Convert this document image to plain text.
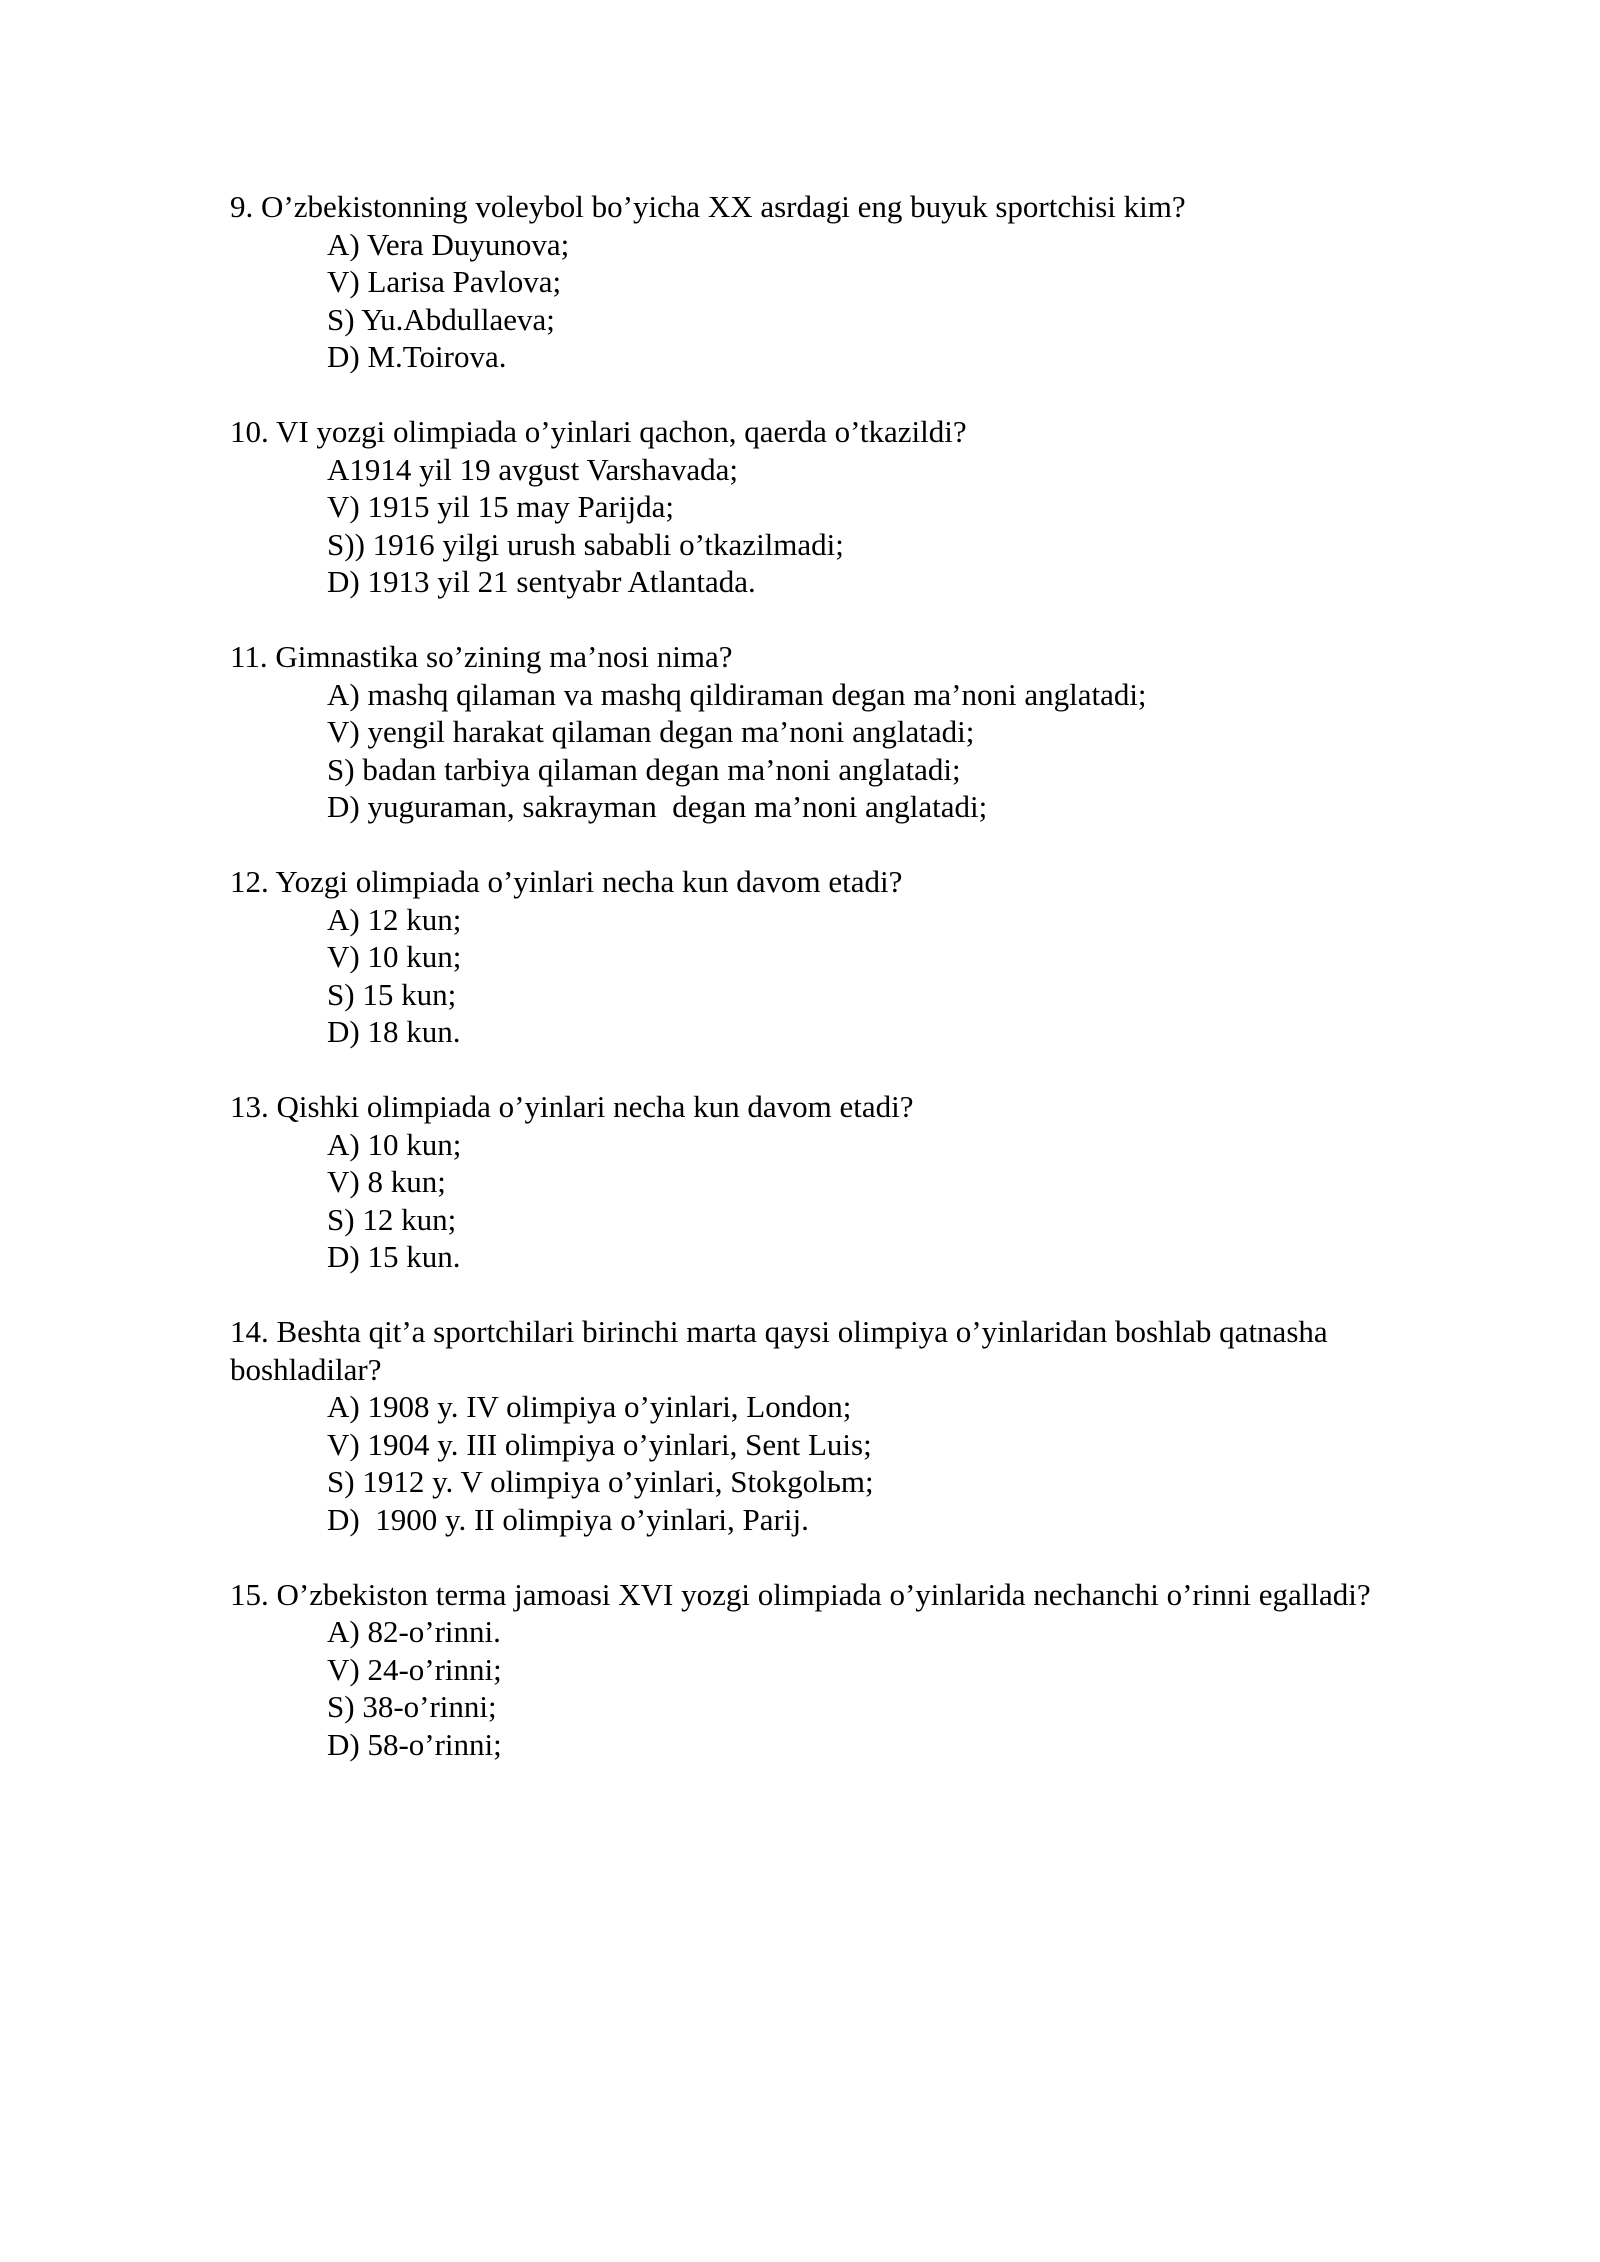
9. O’zbekistonning voleybol bo’yicha XX asrdagi eng buyuk sportchisi kim?

A) Vera Duyunova;
V) Larisa Pavlova;
S) Yu.Abdullaeva;
D) M.Toirova.

10. VI yozgi olimpiada o’yinlari qachon, qaerda o’tkazildi?

A1914 yil 19 avgust Varshavada;
V) 1915 yil 15 may Parijda;
S)) 1916 yilgi urush sababli o’tkazilmadi;
D) 1913 yil 21 sentyabr Atlantada.

11. Gimnastika so’zining ma’nosi nima?

A) mashq qilaman va mashq qildiraman degan ma’noni anglatadi;
V) yengil harakat qilaman degan ma’noni anglatadi;
S) badan tarbiya qilaman degan ma’noni anglatadi;
D) yuguraman, sakrayman  degan ma’noni anglatadi;

12. Yozgi olimpiada o’yinlari necha kun davom etadi?

A) 12 kun;
V) 10 kun;
S) 15 kun;
D) 18 kun.

13. Qishki olimpiada o’yinlari necha kun davom etadi?

A) 10 kun;
V) 8 kun;
S) 12 kun;
D) 15 kun.

14. Beshta qit’a sportchilari birinchi marta qaysi olimpiya o’yinlaridan boshlab qatnasha boshladilar?

A) 1908 y. IV olimpiya o’yinlari, London;
V) 1904 y. III olimpiya o’yinlari, Sent Luis;
S) 1912 y. V olimpiya o’yinlari, Stokgolьm;
D)  1900 y. II olimpiya o’yinlari, Parij.

15. O’zbekiston terma jamoasi XVI yozgi olimpiada o’yinlarida nechanchi o’rinni egalladi?

A) 82-o’rinni.
V) 24-o’rinni;
S) 38-o’rinni;
D) 58-o’rinni;
